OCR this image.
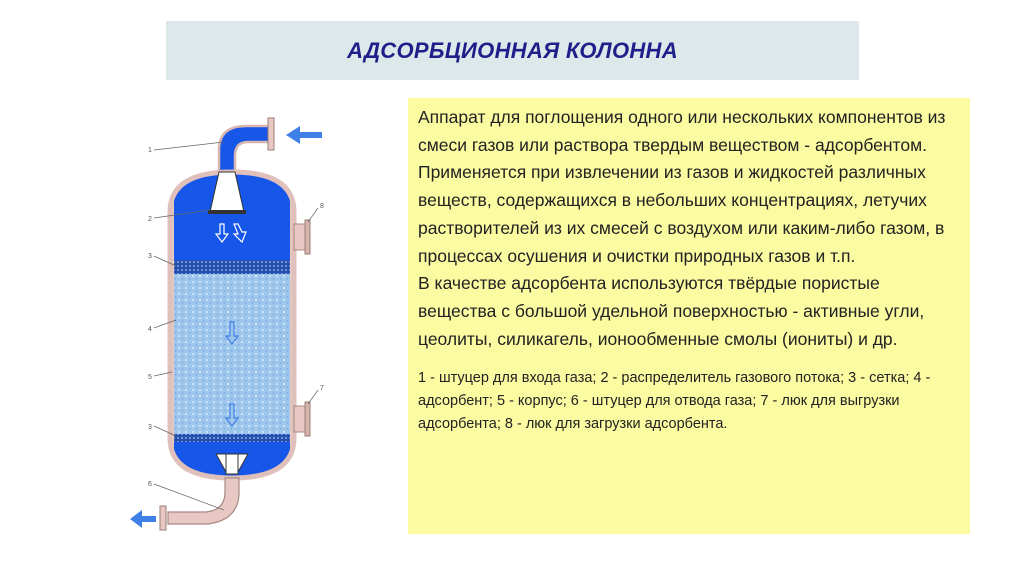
АДСОРБЦИОННАЯ КОЛОННА
1
2
3
4
5
3
6
8
7

Аппарат для поглощения одного или нескольких компонентов из смеси газов или раствора твердым веществом - адсорбентом. Применяется при извлечении из газов и жидкостей различных веществ, содержащихся в небольших концентрациях, летучих растворителей из их смесей с воздухом или каким-либо газом, в процессах осушения и очистки природных газов и т.п.

В качестве адсорбента используются твёрдые пористые вещества с большой удельной поверхностью - активные угли, цеолиты, силикагель, ионообменные смолы (иониты) и др.

1 - штуцер для входа газа; 2 - распределитель газового потока; 3 - сетка; 4 - адсорбент; 5 - корпус; 6 - штуцер для отвода газа; 7 - люк для выгрузки адсорбента; 8 - люк для загрузки адсорбента.
